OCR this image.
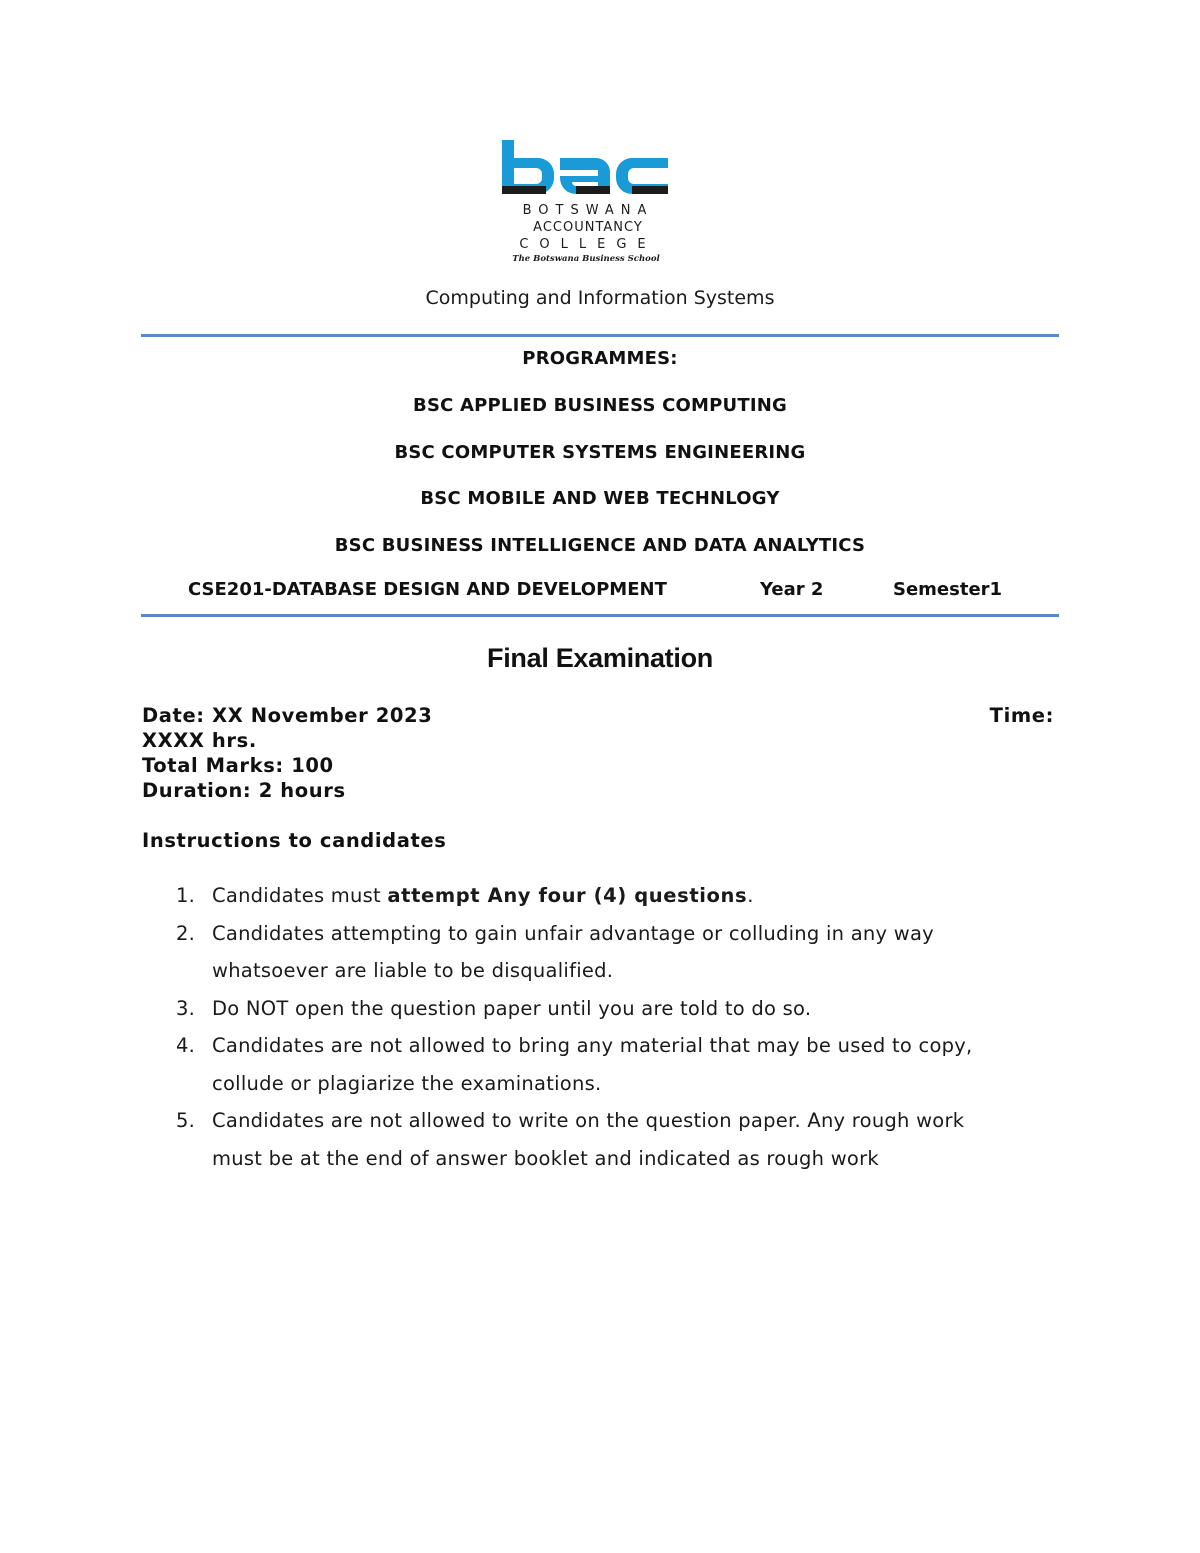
BOTSWANA
ACCOUNTANCY
COLLEGE
The Botswana Business School
Computing and Information Systems
PROGRAMMES:
BSC APPLIED BUSINESS COMPUTING
BSC COMPUTER SYSTEMS ENGINEERING
BSC MOBILE AND WEB TECHNLOGY
BSC BUSINESS INTELLIGENCE AND DATA ANALYTICS
CSE201-DATABASE DESIGN AND DEVELOPMENT	Year 2	Semester1
Final Examination
Date: XX November 2023	Time:
XXXX hrs.
Total Marks: 100
Duration: 2 hours
Instructions to candidates
1. Candidates must attempt Any four (4) questions.
2. Candidates attempting to gain unfair advantage or colluding in any way
whatsoever are liable to be disqualified.
3. Do NOT open the question paper until you are told to do so.
4. Candidates are not allowed to bring any material that may be used to copy,
collude or plagiarize the examinations.
5. Candidates are not allowed to write on the question paper. Any rough work
must be at the end of answer booklet and indicated as rough work
